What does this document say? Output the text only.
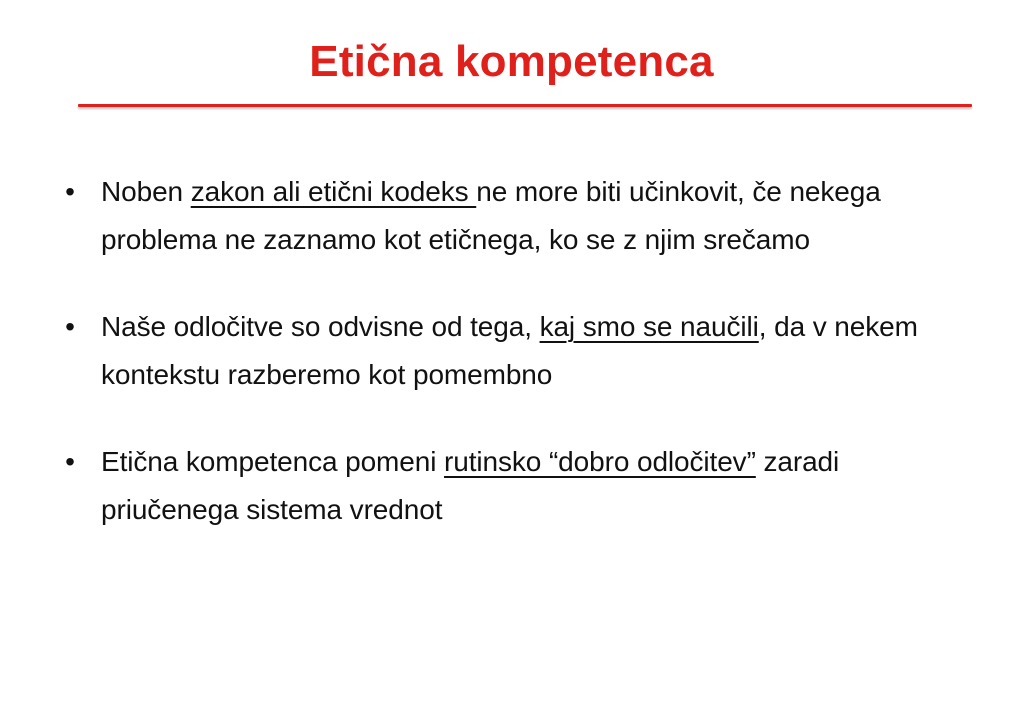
Etična kompetenca
• Noben zakon ali etični kodeks ne more biti učinkovit, če nekega problema ne zaznamo kot etičnega, ko se z njim srečamo
• Naše odločitve so odvisne od tega, kaj smo se naučili, da v nekem kontekstu razberemo kot pomembno
• Etična kompetenca pomeni rutinsko “dobro odločitev” zaradi priučenega sistema vrednot
